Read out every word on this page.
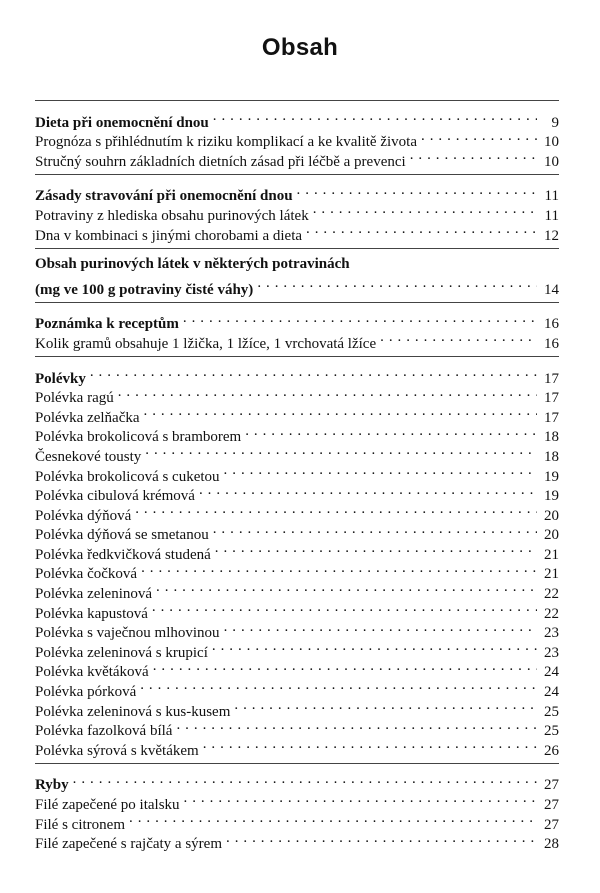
Obsah
Dieta při onemocnění dnou . . .	9
Prognóza s přihlédnutím k riziku komplikací a ke kvalitě života . . .	10
Stručný souhrn základních dietních zásad při léčbě a prevenci . . .	10
Zásady stravování při onemocnění dnou . . .	11
Potraviny z hlediska obsahu purinových látek . . .	11
Dna v kombinaci s jinými chorobami a dieta . . .	12
Obsah purinových látek v některých potravinách
(mg ve 100 g potraviny čisté váhy) . . .	14
Poznámka k receptům . . .	16
Kolik gramů obsahuje 1 lžička, 1 lžíce, 1 vrchovatá lžíce . . .	16
Polévky . . .	17
Polévka ragú . . .	17
Polévka zelňačka . . .	17
Polévka brokolicová s bramborem . . .	18
Česnekové tousty . . .	18
Polévka brokolicová s cuketou . . .	19
Polévka cibulová krémová . . .	19
Polévka dýňová . . .	20
Polévka dýňová se smetanou . . .	20
Polévka ředkvičková studená . . .	21
Polévka čočková . . .	21
Polévka zeleninová . . .	22
Polévka kapustová . . .	22
Polévka s vaječnou mlhovinou . . .	23
Polévka zeleninová s krupicí . . .	23
Polévka květáková . . .	24
Polévka pórková . . .	24
Polévka zeleninová s kus-kusem . . .	25
Polévka fazolková bílá . . .	25
Polévka sýrová s květákem . . .	26
Ryby . . .	27
Filé zapečené po italsku . . .	27
Filé s citronem . . .	27
Filé zapečené s rajčaty a sýrem . . .	28
